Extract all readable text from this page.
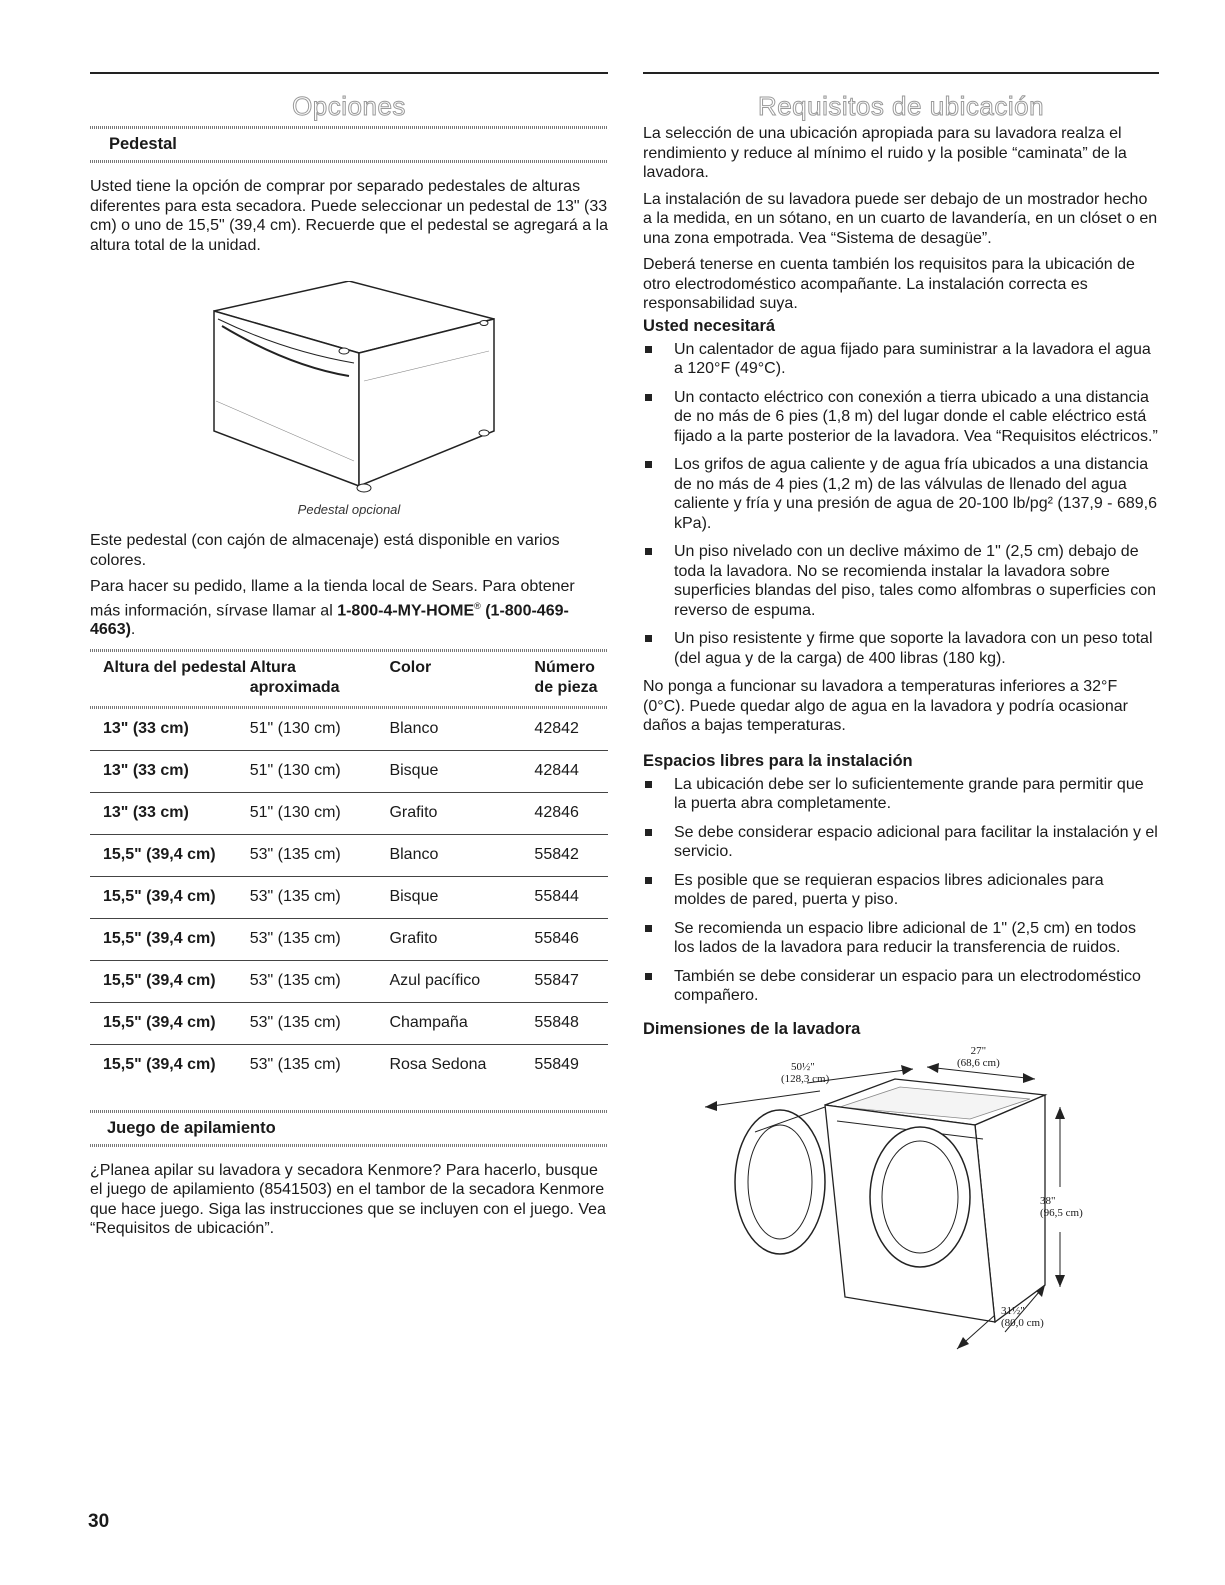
Opciones
Pedestal

Usted tiene la opción de comprar por separado pedestales de alturas diferentes para esta secadora. Puede seleccionar un pedestal de 13" (33 cm) o uno de 15,5" (39,4 cm). Recuerde que el pedestal se agregará a la altura total de la unidad.

Pedestal opcional

Este pedestal (con cajón de almacenaje) está disponible en varios colores.

Para hacer su pedido, llame a la tienda local de Sears. Para obtener más información, sírvase llamar al 1-800-4-MY-HOME® (1-800-469-4663).

Altura del pedestal	Altura aproximada	Color	Número de pieza

13" (33 cm)	51" (130 cm)	Blanco	42842
13" (33 cm)	51" (130 cm)	Bisque	42844
13" (33 cm)	51" (130 cm)	Grafito	42846
15,5" (39,4 cm)	53" (135 cm)	Blanco	55842
15,5" (39,4 cm)	53" (135 cm)	Bisque	55844
15,5" (39,4 cm)	53" (135 cm)	Grafito	55846
15,5" (39,4 cm)	53" (135 cm)	Azul pacífico	55847
15,5" (39,4 cm)	53" (135 cm)	Champaña	55848
15,5" (39,4 cm)	53" (135 cm)	Rosa Sedona	55849
Juego de apilamiento

¿Planea apilar su lavadora y secadora Kenmore? Para hacerlo, busque el juego de apilamiento (8541503) en el tambor de la secadora Kenmore que hace juego. Siga las instrucciones que se incluyen con el juego. Vea “Requisitos de ubicación”.

Requisitos de ubicación

La selección de una ubicación apropiada para su lavadora realza el rendimiento y reduce al mínimo el ruido y la posible “caminata” de la lavadora.

La instalación de su lavadora puede ser debajo de un mostrador hecho a la medida, en un sótano, en un cuarto de lavandería, en un clóset o en una zona empotrada. Vea “Sistema de desagüe”.

Deberá tenerse en cuenta también los requisitos para la ubicación de otro electrodoméstico acompañante. La instalación correcta es responsabilidad suya.

Usted necesitará
Un calentador de agua fijado para suministrar a la lavadora el agua a 120°F (49°C).
Un contacto eléctrico con conexión a tierra ubicado a una distancia de no más de 6 pies (1,8 m) del lugar donde el cable eléctrico está fijado a la parte posterior de la lavadora. Vea “Requisitos eléctricos.”
Los grifos de agua caliente y de agua fría ubicados a una distancia de no más de 4 pies (1,2 m) de las válvulas de llenado del agua caliente y fría y una presión de agua de 20-100 lb/pg² (137,9 - 689,6 kPa).
Un piso nivelado con un declive máximo de 1" (2,5 cm) debajo de toda la lavadora. No se recomienda instalar la lavadora sobre superficies blandas del piso, tales como alfombras o superficies con reverso de espuma.
Un piso resistente y firme que soporte la lavadora con un peso total (del agua y de la carga) de 400 libras (180 kg).

No ponga a funcionar su lavadora a temperaturas inferiores a 32°F (0°C). Puede quedar algo de agua en la lavadora y podría ocasionar daños a bajas temperaturas.

Espacios libres para la instalación
La ubicación debe ser lo suficientemente grande para permitir que la puerta abra completamente.
Se debe considerar espacio adicional para facilitar la instalación y el servicio.
Es posible que se requieran espacios libres adicionales para moldes de pared, puerta y piso.
Se recomienda un espacio libre adicional de 1" (2,5 cm) en todos los lados de la lavadora para reducir la transferencia de ruidos.
También se debe considerar un espacio para un electrodoméstico compañero.
Dimensiones de la lavadora
50½"
(128,3 cm)
27"
(68,6 cm)
38"
(96,5 cm)
31½"
(80,0 cm)
30
